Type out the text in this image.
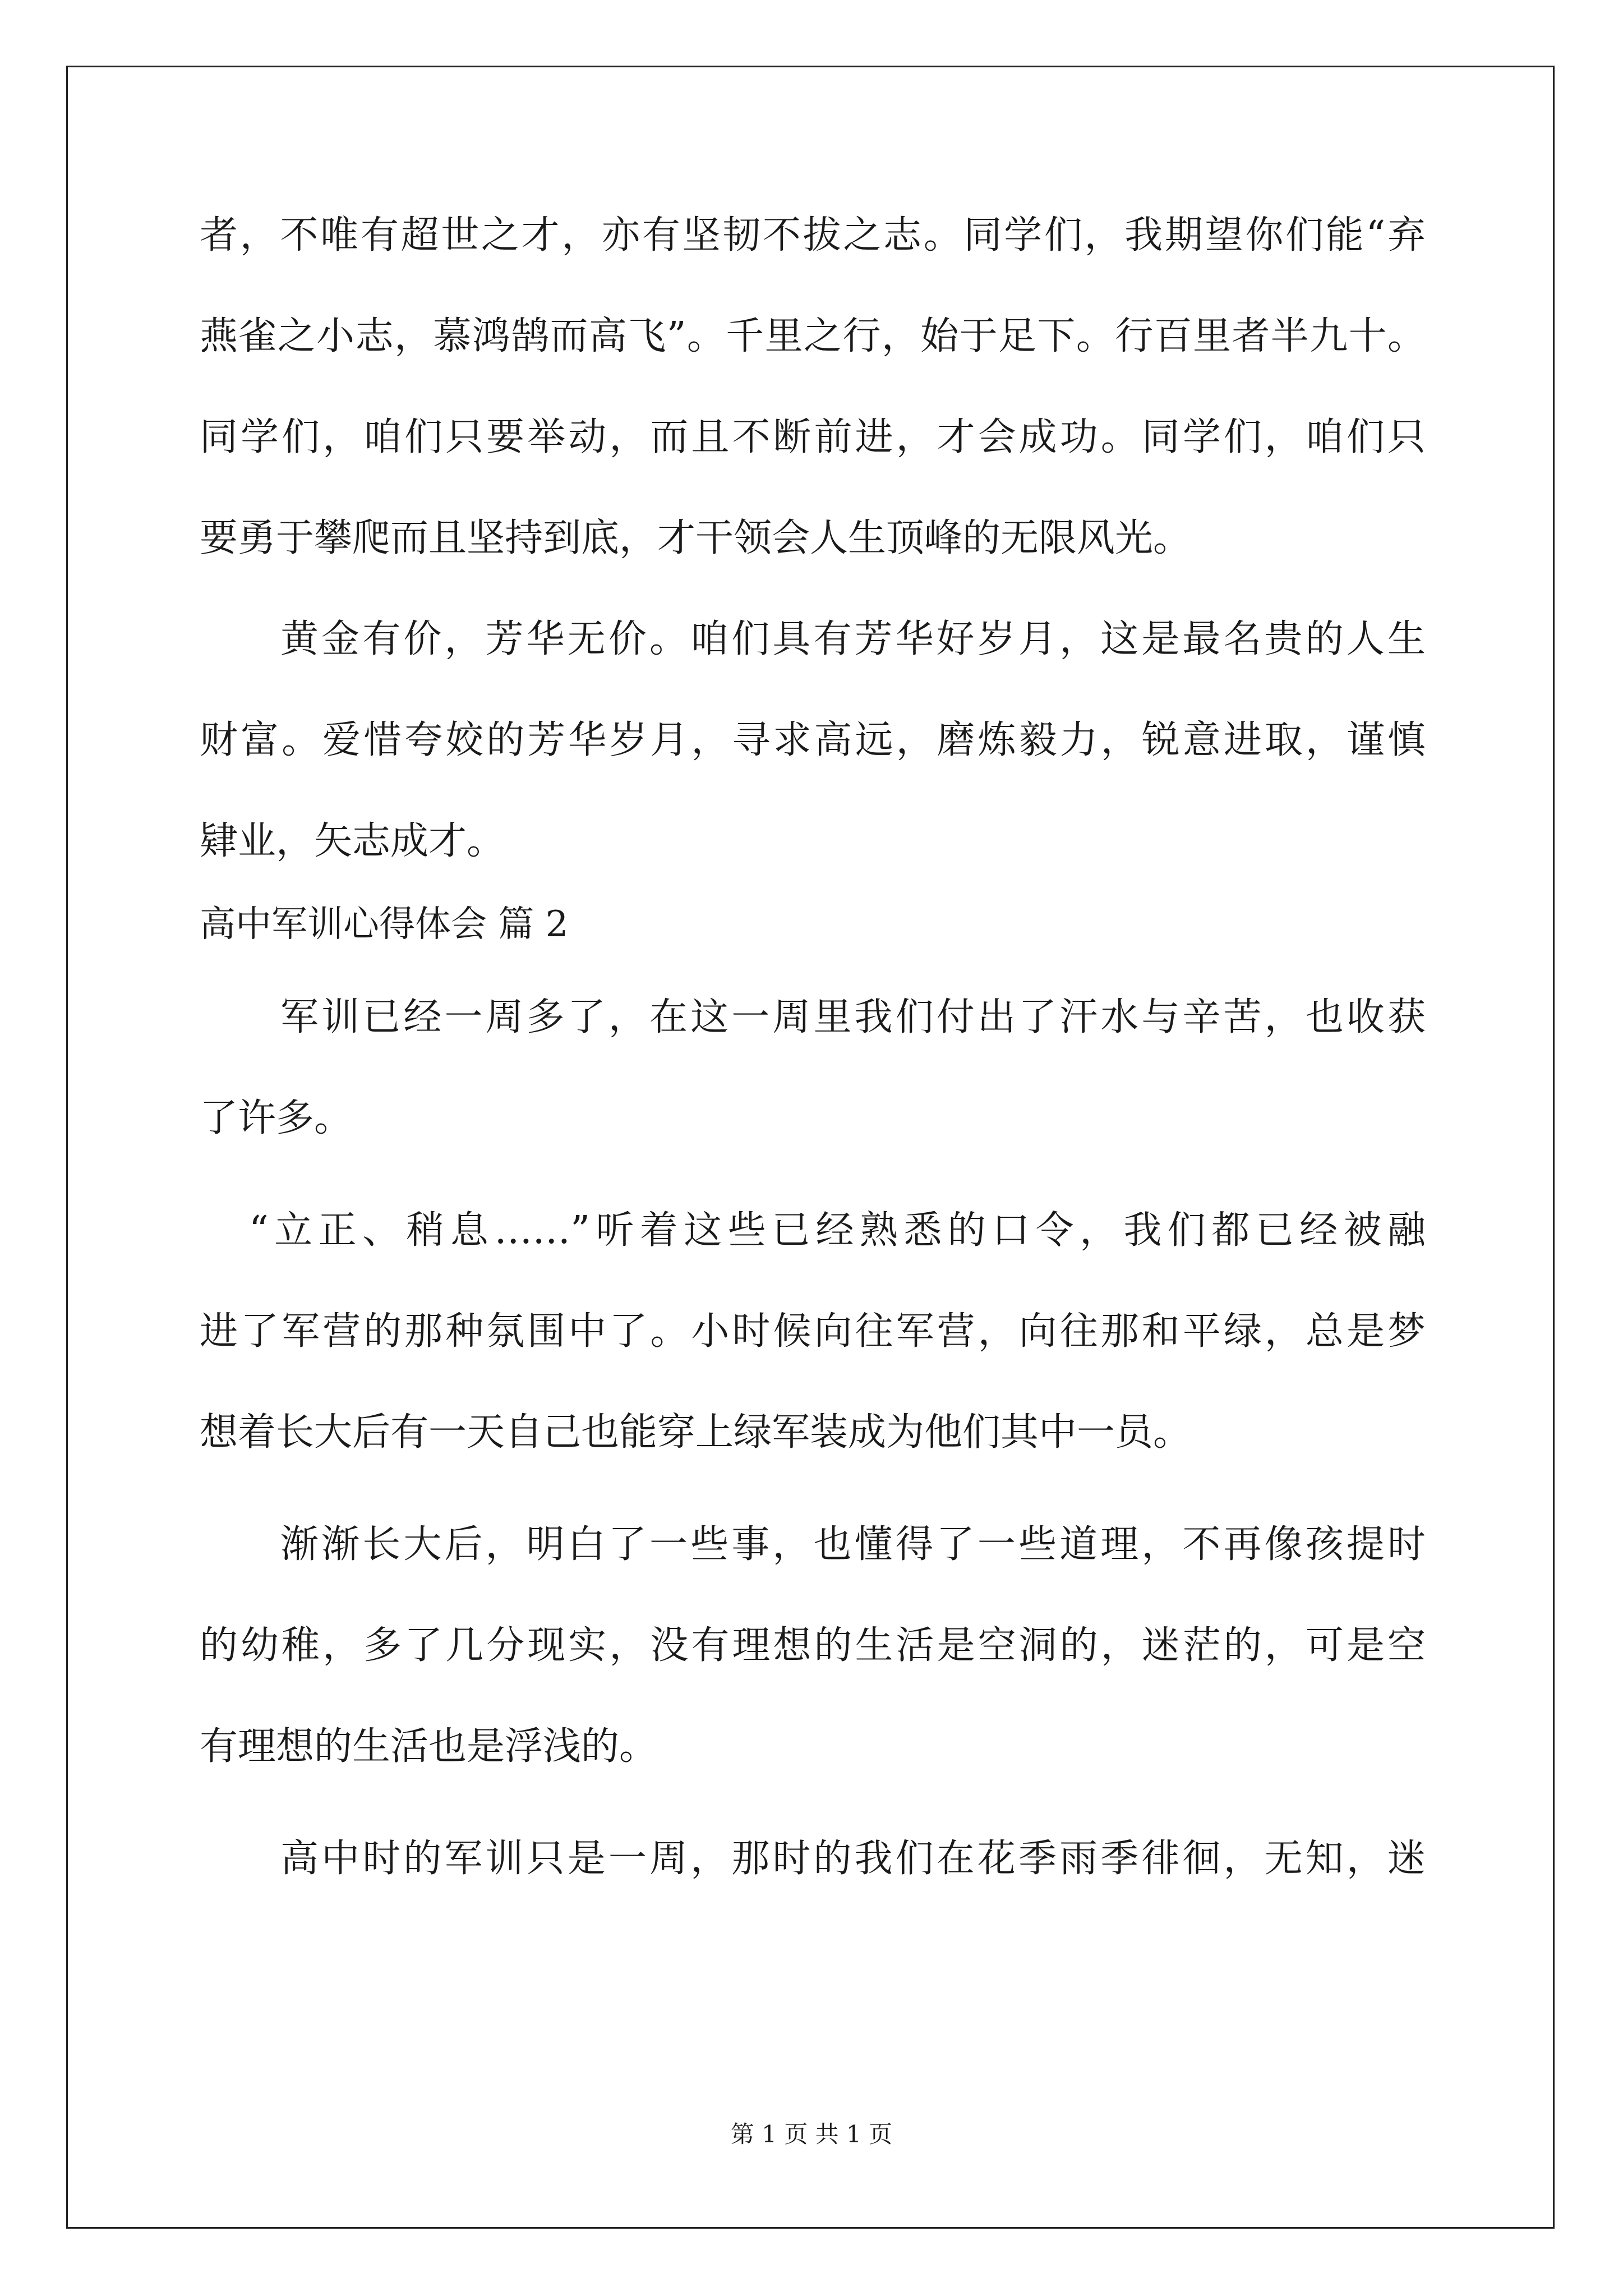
者，不唯有超世之才，亦有坚韧不拔之志。同学们，我期望你们能“弃
燕雀之小志，慕鸿鹄而高飞”。千里之行，始于足下。行百里者半九十。
同学们，咱们只要举动，而且不断前进，才会成功。同学们，咱们只
要勇于攀爬而且坚持到底，才干领会人生顶峰的无限风光。
黄金有价，芳华无价。咱们具有芳华好岁月，这是最名贵的人生
财富。爱惜夸姣的芳华岁月，寻求高远，磨炼毅力，锐意进取，谨慎
肄业，矢志成才。
高中军训心得体会 篇 2
军训已经一周多了，在这一周里我们付出了汗水与辛苦，也收获
了许多。
“立正、稍息……”听着这些已经熟悉的口令，我们都已经被融
进了军营的那种氛围中了。小时候向往军营，向往那和平绿，总是梦
想着长大后有一天自己也能穿上绿军装成为他们其中一员。
渐渐长大后，明白了一些事，也懂得了一些道理，不再像孩提时
的幼稚，多了几分现实，没有理想的生活是空洞的，迷茫的，可是空
有理想的生活也是浮浅的。
高中时的军训只是一周，那时的我们在花季雨季徘徊，无知，迷
第 1 页 共 1 页
